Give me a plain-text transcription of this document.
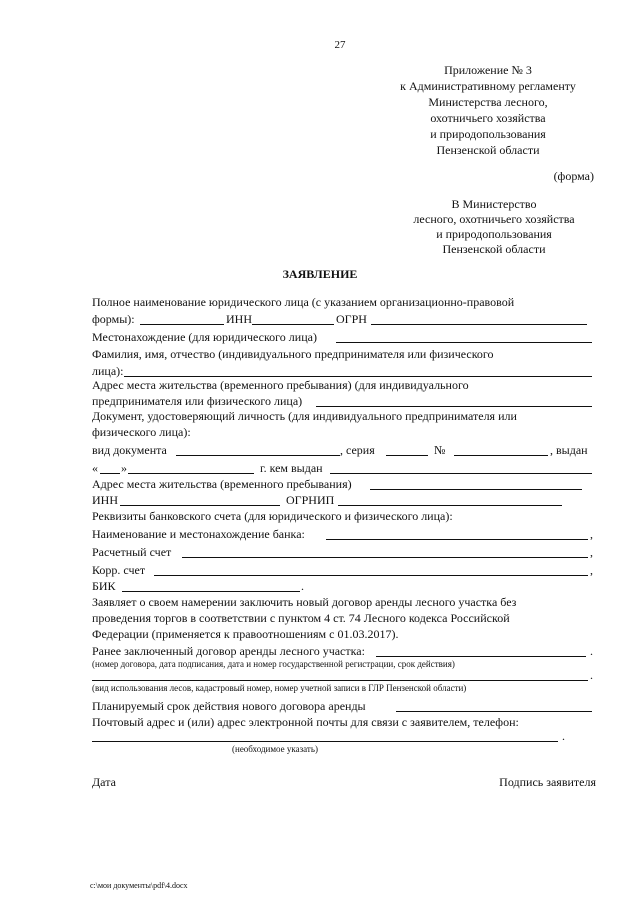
27
Приложение № 3
к Административному регламенту
Министерства лесного,
охотничьего хозяйства
и природопользования
Пензенской области
(форма)
В Министерство
лесного, охотничьего хозяйства
и природопользования
Пензенской области
ЗАЯВЛЕНИЕ
Полное наименование юридического лица (с указанием организационно-правовой
формы):	ИНН	ОГРН
Местонахождение (для юридического лица)
Фамилия, имя, отчество (индивидуального предпринимателя или физического
лица):
Адрес места жительства (временного пребывания) (для индивидуального
предпринимателя или физического лица)
Документ, удостоверяющий личность (для индивидуального предпринимателя или
физического лица):
вид документа	, серия	№	, выдан
« »	г. кем выдан
Адрес места жительства (временного пребывания)
ИНН	ОГРНИП
Реквизиты банковского счета (для юридического и физического лица):
Наименование и местонахождение банка:	,
Расчетный счет	,
Корр. счет	,
БИК	.
Заявляет о своем намерении заключить новый договор аренды лесного участка без
проведения торгов в соответствии с пунктом 4 ст. 74 Лесного кодекса Российской
Федерации (применяется к правоотношениям с 01.03.2017).
Ранее заключенный договор аренды лесного участка:	.
(номер договора, дата подписания, дата и номер государственной регистрации, срок действия)
.
(вид использования лесов, кадастровый номер, номер учетной записи в ГЛР Пензенской области)
Планируемый срок действия нового договора аренды
Почтовый адрес и (или) адрес электронной почты для связи с заявителем, телефон:
.
(необходимое указать)
Дата	Подпись заявителя
c:\мои документы\pdf\4.docx
